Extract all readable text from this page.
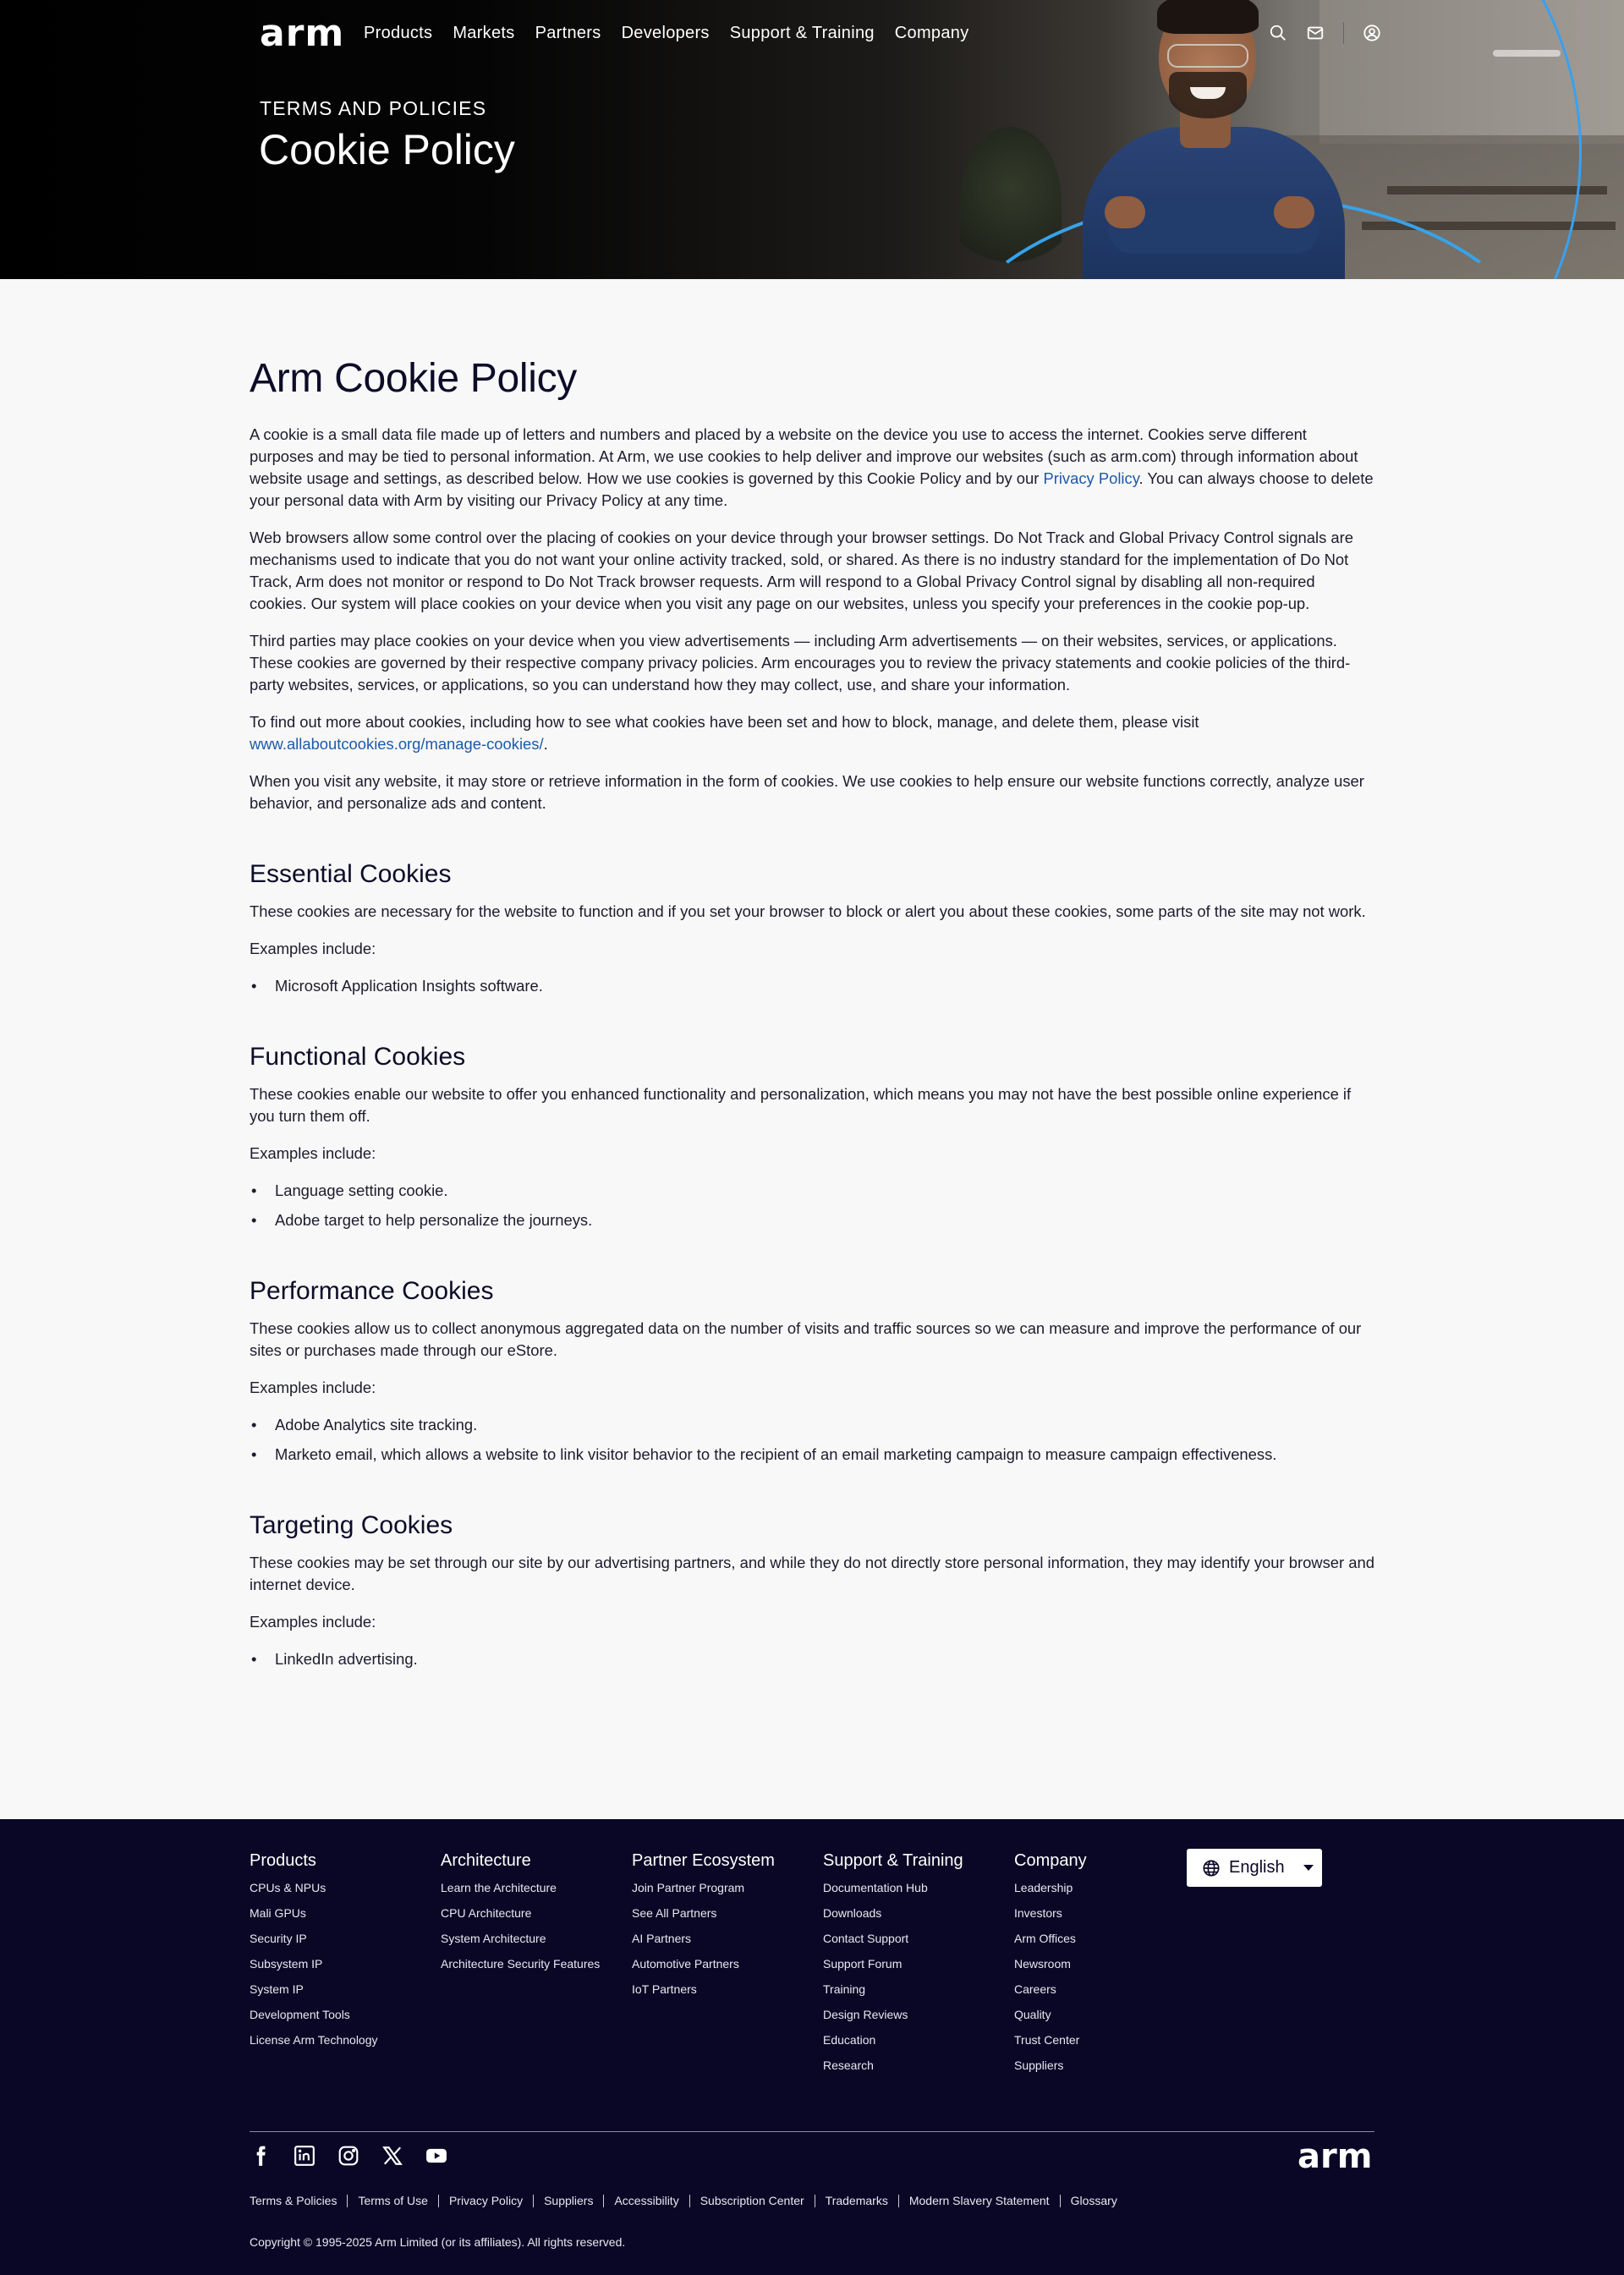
arm Products Markets Partners Developers Support & Training Company
TERMS AND POLICIES
Cookie Policy
Arm Cookie Policy

A cookie is a small data file made up of letters and numbers and placed by a website on the device you use to access the internet. Cookies serve different purposes and may be tied to personal information. At Arm, we use cookies to help deliver and improve our websites (such as arm.com) through information about website usage and settings, as described below. How we use cookies is governed by this Cookie Policy and by our Privacy Policy. You can always choose to delete your personal data with Arm by visiting our Privacy Policy at any time.

Web browsers allow some control over the placing of cookies on your device through your browser settings. Do Not Track and Global Privacy Control signals are mechanisms used to indicate that you do not want your online activity tracked, sold, or shared. As there is no industry standard for the implementation of Do Not Track, Arm does not monitor or respond to Do Not Track browser requests. Arm will respond to a Global Privacy Control signal by disabling all non-required cookies. Our system will place cookies on your device when you visit any page on our websites, unless you specify your preferences in the cookie pop-up.

Third parties may place cookies on your device when you view advertisements — including Arm advertisements — on their websites, services, or applications. These cookies are governed by their respective company privacy policies. Arm encourages you to review the privacy statements and cookie policies of the third-party websites, services, or applications, so you can understand how they may collect, use, and share your information.

To find out more about cookies, including how to see what cookies have been set and how to block, manage, and delete them, please visit www.allaboutcookies.org/manage-cookies/.

When you visit any website, it may store or retrieve information in the form of cookies. We use cookies to help ensure our website functions correctly, analyze user behavior, and personalize ads and content.

Essential Cookies

These cookies are necessary for the website to function and if you set your browser to block or alert you about these cookies, some parts of the site may not work.

Examples include:

• Microsoft Application Insights software.
Functional Cookies

These cookies enable our website to offer you enhanced functionality and personalization, which means you may not have the best possible online experience if you turn them off.

Examples include:

• Language setting cookie.
• Adobe target to help personalize the journeys.
Performance Cookies

These cookies allow us to collect anonymous aggregated data on the number of visits and traffic sources so we can measure and improve the performance of our sites or purchases made through our eStore.

Examples include:

• Adobe Analytics site tracking.
• Marketo email, which allows a website to link visitor behavior to the recipient of an email marketing campaign to measure campaign effectiveness.
Targeting Cookies

These cookies may be set through our site by our advertising partners, and while they do not directly store personal information, they may identify your browser and internet device.

Examples include:

• LinkedIn advertising.
Products
CPUs & NPUs
Mali GPUs
Security IP
Subsystem IP
System IP
Development Tools
License Arm Technology
Architecture
Learn the Architecture
CPU Architecture
System Architecture
Architecture Security Features
Partner Ecosystem
Join Partner Program
See All Partners
AI Partners
Automotive Partners
IoT Partners
Support & Training
Documentation Hub
Downloads
Contact Support
Support Forum
Training
Design Reviews
Education
Research
Company
Leadership
Investors
Arm Offices
Newsroom
Careers
Quality
Trust Center
Suppliers
English
arm
Terms & Policies Terms of Use Privacy Policy Suppliers Accessibility Subscription Center Trademarks Modern Slavery Statement Glossary
Copyright © 1995-2025 Arm Limited (or its affiliates). All rights reserved.
